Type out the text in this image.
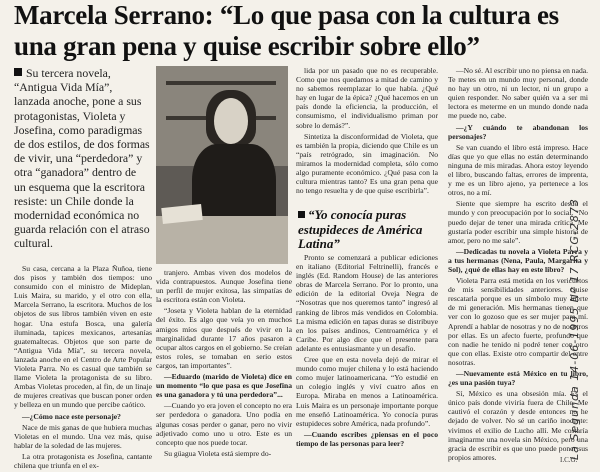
Marcela Serrano: “Lo que pasa con la cultura es una gran pena y quise escribir sobre ello”
Su tercera novela, “Antigua Vida Mía”, lanzada anoche, pone a sus protagonistas, Violeta y Josefina, como paradigmas de dos estilos, de dos formas de vivir, una “perdedora” y otra “ganadora” dentro de un esquema que la escritora resiste: un Chile donde la modernidad económica no guarda relación con el atraso cultural.

Su casa, cercana a la Plaza Ñuñoa, tiene dos pisos y también dos tiempos: uno consumido con el ministro de Mideplan, Luis Maira, su marido, y el otro con ella, Marcela Serrano, la escritora. Muchos de los objetos de sus libros también viven en este hogar. Una estufa Bosca, una galería iluminada, tapices mexicanos, artesanías guatemaltecas. Objetos que son parte de “Antigua Vida Mía”, su tercera novela, lanzada anoche en el Centro de Arte Popular Violeta Parra. No es casual que también se llame Violeta la protagonista de su libro. Ambas Violetas proceden, al fin, de un linaje de mujeres creativas que buscan poner orden y belleza en un mundo que percibe caótico.

—¿Cómo nace este personaje?

Nace de mis ganas de que hubiera muchas Violetas en el mundo. Una vez más, quise hablar de la soledad de las mujeres.

La otra protagonista es Josefina, cantante chilena que triunfa en el ex-

tranjero. Ambas viven dos modelos de vida contrapuestos. Aunque Josefina tiene un perfil de mujer exitosa, las simpatías de la escritora están con Violeta.

“Joseta y Violeta hablan de la eternidad del éxito. Es algo que veía yo en muchos amigos míos que después de vivir en la marginalidad durante 17 años pasaron a ocupar altos cargos en el gobierno. Se creían estos roles, se tomaban en serio estos cargos, tan importantes”.

—Eduardo (marido de Violeta) dice en un momento “lo que pasa es que Josefina es una ganadora y tú una perdedora”...

—Cuando yo era joven el concepto no era ser perdedora o ganadora. Uno podía en algunas cosas perder o ganar, pero no vivir adjetivado como uno u otro. Este es un concepto que nos puede tocar.

Su güagua Violeta está siempre do-

lida por un pasado que no es recuperable. Como que nos quedamos a mitad de camino y no sabemos reemplazar lo que había. ¿Qué hay en lugar de la épica? ¿Qué hacemos en un país donde la eficiencia, la producción, el consumismo, el individualismo priman por sobre lo demás?”.

Sintetiza la disconformidad de Violeta, que es también la propia, diciendo que Chile es un “país retrógrado, sin imaginación. No miramos la modernidad completa, sólo como algo puramente económico. ¿Qué pasa con la cultura mientras tanto? Es una gran pena que no tengo resuelta y de que quise escribirla”.

“Yo conocía puras estupideces de América Latina”

Pronto se comenzará a publicar ediciones en italiano (Editorial Feltrinelli), francés e inglés (Ed. Random House) de las anteriores obras de Marcela Serrano. Por lo pronto, una edición de la editorial Oveja Negra de “Nosotras que nos queremos tanto” ingresó al ranking de libros más vendidos en Colombia. La misma edición en tapas duras se distribuye en los países andinos, Centroamérica y el Caribe. Por algo dice que el presente para adelante es entusiasmante y un desafío.

Cree que en esta novela dejó de mirar el mundo como mujer chilena y lo está haciendo como mujer latinoamericana. “Yo estudié en un colegio inglés y viví cuatro años en Europa. Miraba en menos a Latinoamérica. Luis Maira es un personaje importante porque me enseñó Latinoamérica. Yo conocía puras estupideces sobre América, nada profundo”.

—Cuando escribes ¿piensas en el poco tiempo de las personas para leer?

—No sé. Al escribir uno no piensa en nada. Te metes en un mundo muy personal, donde no hay un otro, ni un lector, ni un grupo a quien responder. No saber quién va a ser mi lectora es meterme en un mundo donde nada me puede no, cabe.

—¿Y cuándo te abandonan los personajes?

Se van cuando el libro está impreso. Hace días que yo que ellas no están determinando ninguna de mis miradas. Ahora estoy leyendo el libro, buscando faltas, errores de imprenta, y me es un libro ajeno, ya pertenece a los otros, no a mí.

Siente que siempre ha escrito desde el mundo y con preocupación por lo social. “No puedo dejar de tener una mirada crítica. Me gustaría poder escribir una simple historia de amor, pero no me sale”.

—Dedicadas tu novela a Violeta Parra y a tus hermanas (Nena, Paula, Margarita y Sol), ¿qué de ellas hay en este libro?

Violeta Parra está metida en los vericuetos de mis sensibilidades anteriores. Quise rescatarla porque es un símbolo muy fuerte de mi generación. Mis hermanas tienen que ver con lo gozoso que es ser mujer para mí. Aprendí a hablar de nosotras y no de nosotros por ellas. Es un afecto fuerte, profundo que con nadie he tenido ni podré tener con otro que con ellas. Existe otro compartir del entre nosotras.

—Nuevamente está México en tu libro, ¿es una pasión tuya?

Sí, México es una obsesión mía. Es el único país donde viviría fuera de Chile. Me cautivó el corazón y desde entonces no he dejado de volver. No sé un cariño inocente: vivimos el exilio de Lucho allí. Me costaría imaginarme una novela sin México, pero una gracia de escribir es que uno puede poner sus propios amores.	La Segunda 14-06-1995 Nº 17 RCG-2873
I.C.G.
